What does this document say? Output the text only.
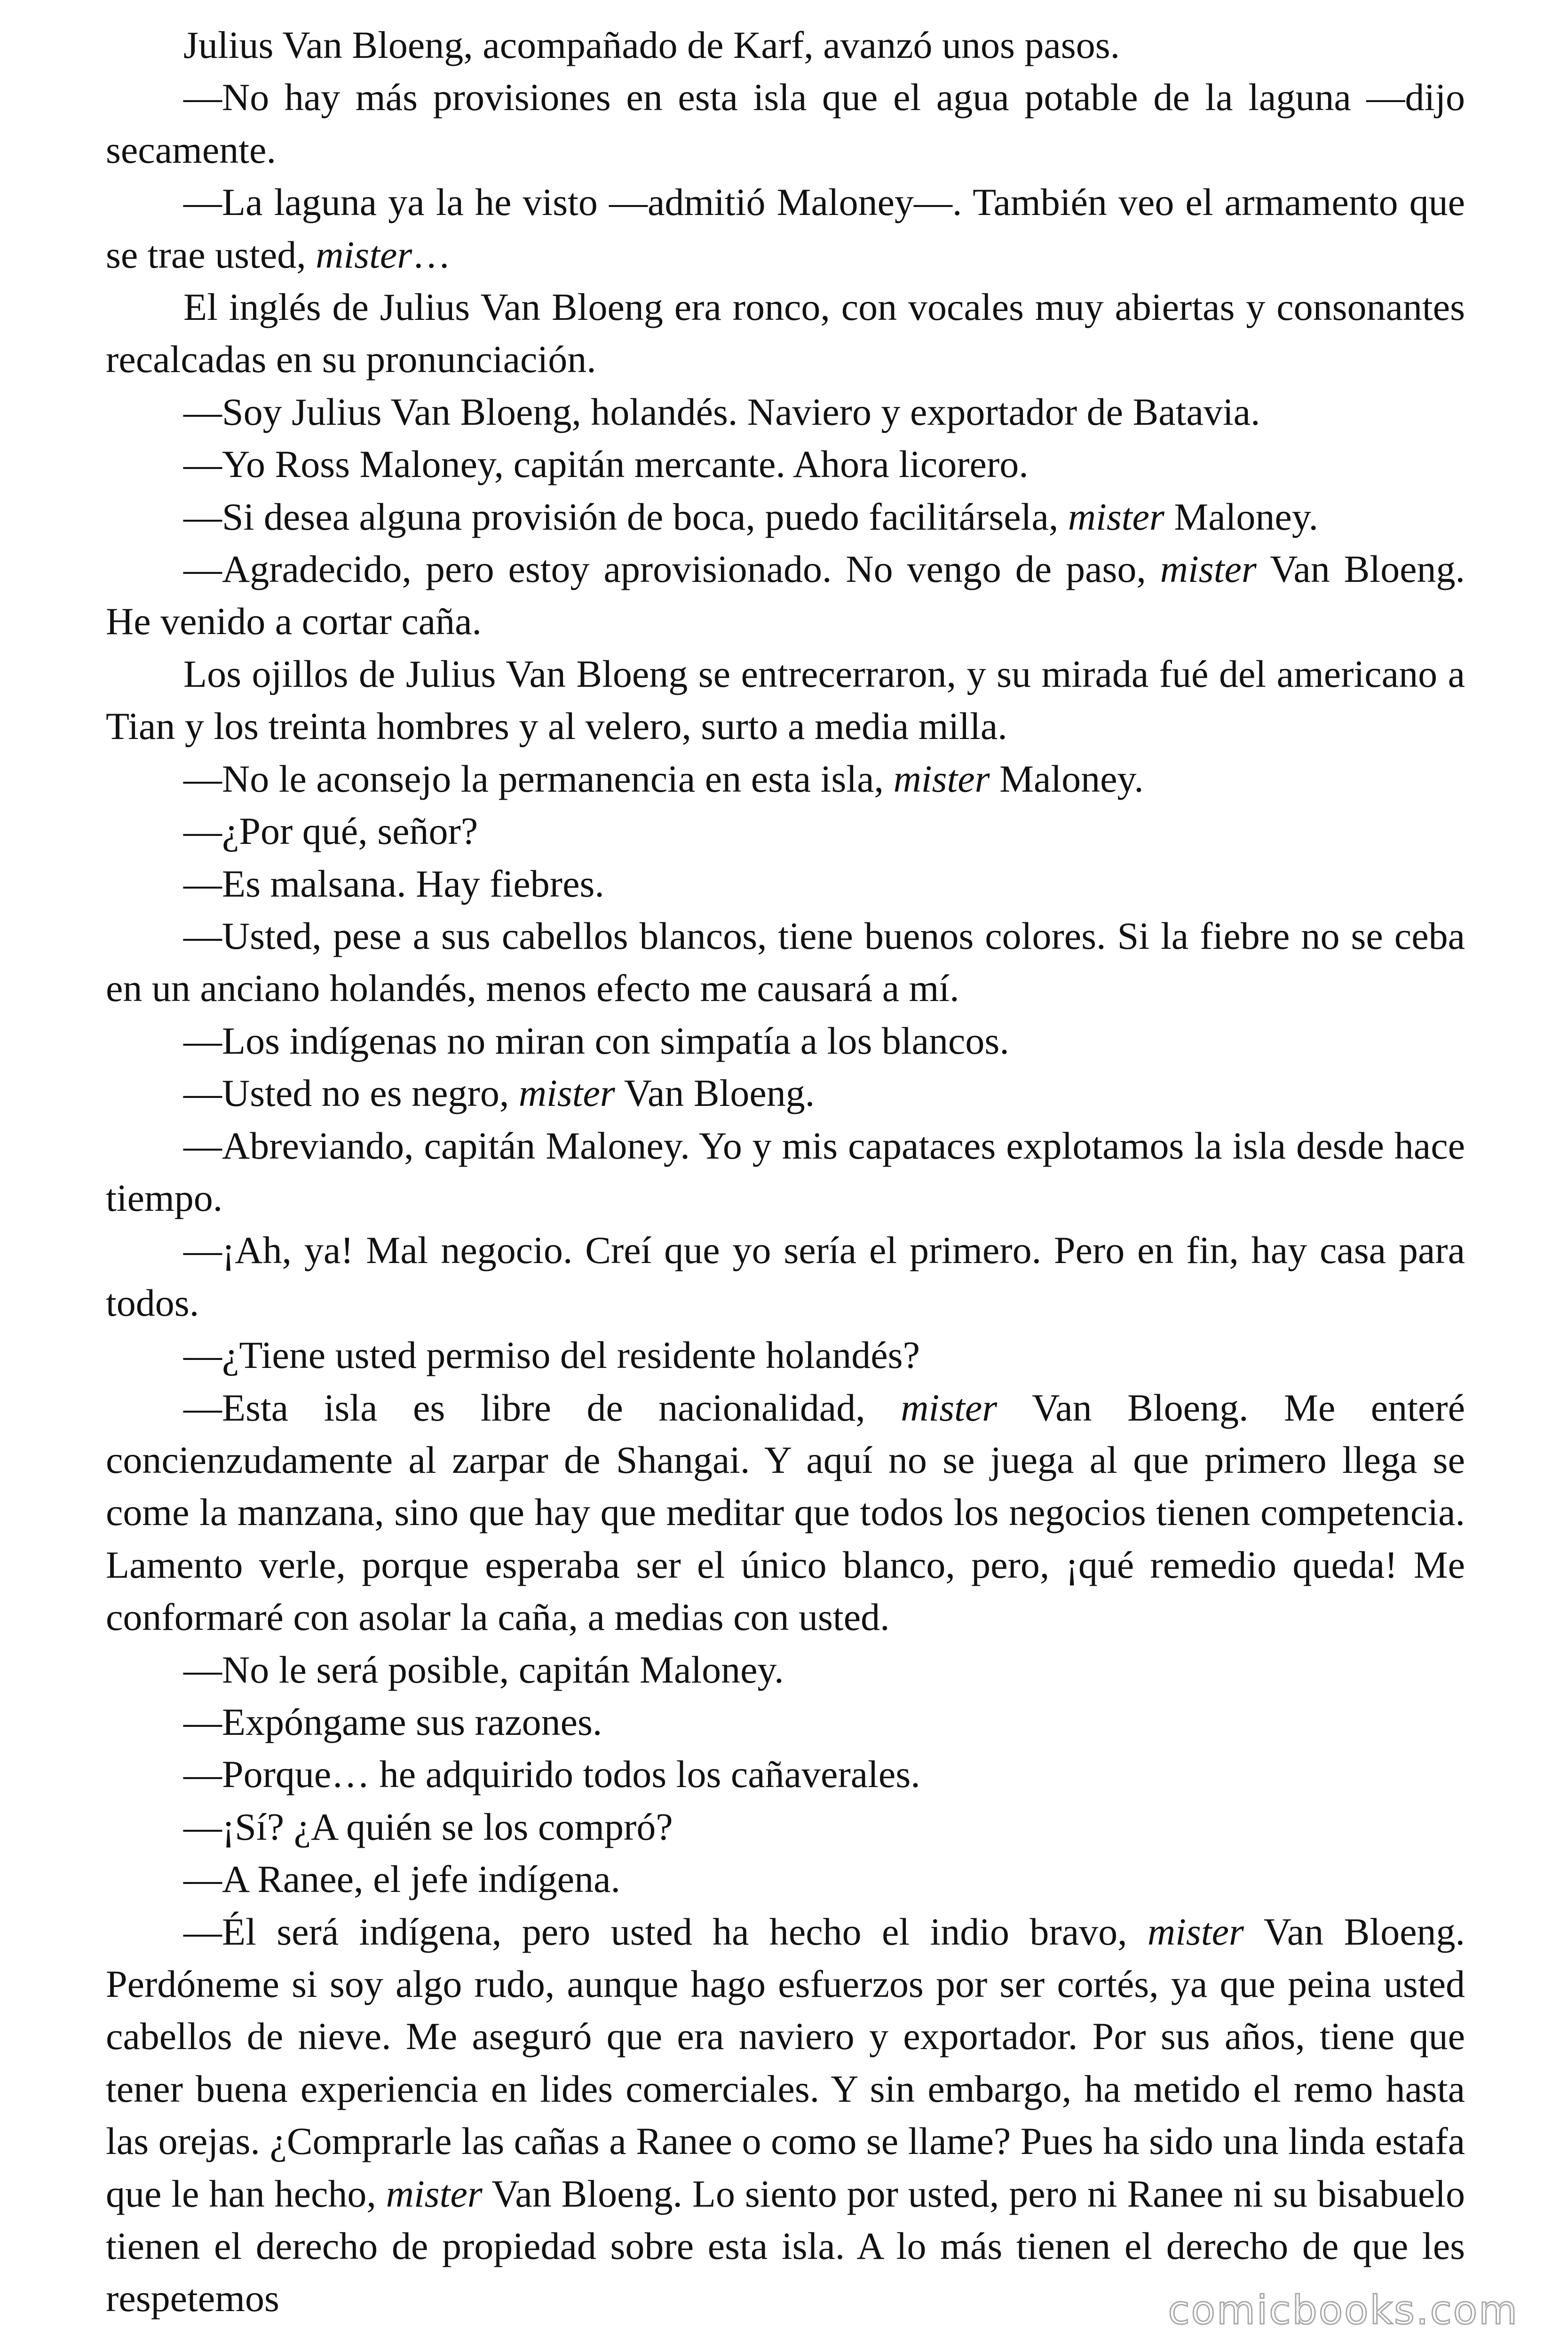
Julius Van Bloeng, acompañado de Karf, avanzó unos pasos.

—No hay más provisiones en esta isla que el agua potable de la laguna —dijo secamente.

—La laguna ya la he visto —admitió Maloney—. También veo el armamento que se trae usted, mister…

El inglés de Julius Van Bloeng era ronco, con vocales muy abiertas y consonantes recalcadas en su pronunciación.

—Soy Julius Van Bloeng, holandés. Naviero y exportador de Batavia.

—Yo Ross Maloney, capitán mercante. Ahora licorero.

—Si desea alguna provisión de boca, puedo facilitársela, mister Maloney.

—Agradecido, pero estoy aprovisionado. No vengo de paso, mister Van Bloeng. He venido a cortar caña.

Los ojillos de Julius Van Bloeng se entrecerraron, y su mirada fué del americano a Tian y los treinta hombres y al velero, surto a media milla.

—No le aconsejo la permanencia en esta isla, mister Maloney.

—¿Por qué, señor?

—Es malsana. Hay fiebres.

—Usted, pese a sus cabellos blancos, tiene buenos colores. Si la fiebre no se ceba en un anciano holandés, menos efecto me causará a mí.

—Los indígenas no miran con simpatía a los blancos.

—Usted no es negro, mister Van Bloeng.

—Abreviando, capitán Maloney. Yo y mis capataces explotamos la isla desde hace tiempo.

—¡Ah, ya! Mal negocio. Creí que yo sería el primero. Pero en fin, hay casa para todos.

—¿Tiene usted permiso del residente holandés?

—Esta isla es libre de nacionalidad, mister Van Bloeng. Me enteré concienzudamente al zarpar de Shangai. Y aquí no se juega al que primero llega se come la manzana, sino que hay que meditar que todos los negocios tienen competencia. Lamento verle, porque esperaba ser el único blanco, pero, ¡qué remedio queda! Me conformaré con asolar la caña, a medias con usted.

—No le será posible, capitán Maloney.

—Expóngame sus razones.

—Porque… he adquirido todos los cañaverales.

—¡Sí? ¿A quién se los compró?

—A Ranee, el jefe indígena.

—Él será indígena, pero usted ha hecho el indio bravo, mister Van Bloeng. Perdóneme si soy algo rudo, aunque hago esfuerzos por ser cortés, ya que peina usted cabellos de nieve. Me aseguró que era naviero y exportador. Por sus años, tiene que tener buena experiencia en lides comerciales. Y sin embargo, ha metido el remo hasta las orejas. ¿Comprarle las cañas a Ranee o como se llame? Pues ha sido una linda estafa que le han hecho, mister Van Bloeng. Lo siento por usted, pero ni Ranee ni su bisabuelo tienen el derecho de propiedad sobre esta isla. A lo más tienen el derecho de que les respetemos	comicbooks.com
